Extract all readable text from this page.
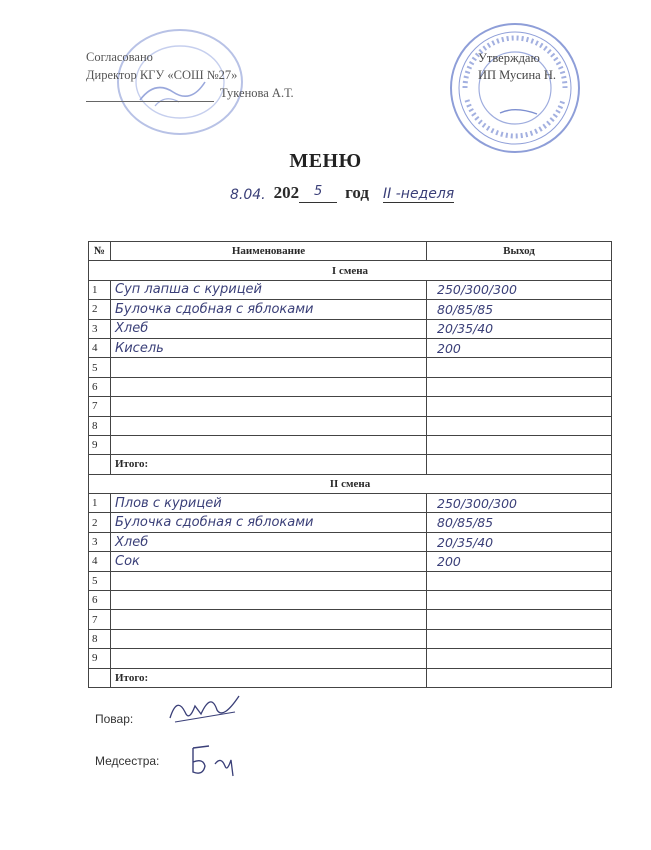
Согласовано
Директор КГУ «СОШ №27»
Тукенова А.Т.
Утверждаю
ИП Мусина Н.
МЕНЮ
8.04. 202	5	год II -неделя
№	Наименование	Выход
I смена		
1	Суп лапша с курицей	250/300/300
2	Булочка сдобная с яблоками	80/85/85
3	Хлеб	20/35/40
4	Кисель	200
5		
6		
7		
8		
9		
	Итого:	
II смена		
1	Плов с курицей	250/300/300
2	Булочка сдобная с яблоками	80/85/85
3	Хлеб	20/35/40
4	Сок	200
5		
6		
7		
8		
9		
	Итого:	
Повар:
Медсестра:
